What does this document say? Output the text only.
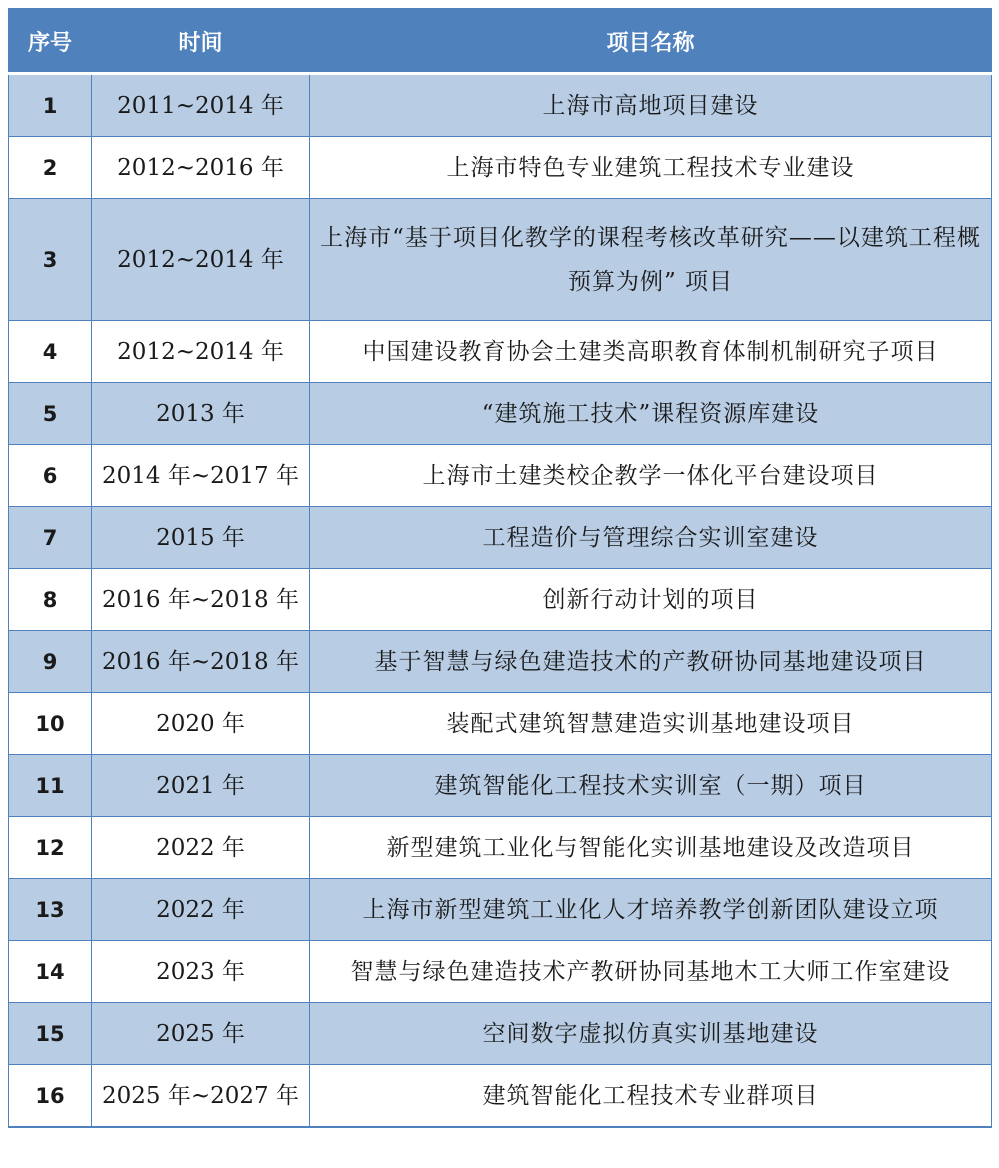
序号	时间	项目名称
1	2011~2014 年	上海市高地项目建设
2	2012~2016 年	上海市特色专业建筑工程技术专业建设
3	2012~2014 年	上海市“基于项目化教学的课程考核改革研究——以建筑工程概预算为例” 项目
4	2012~2014 年	中国建设教育协会土建类高职教育体制机制研究子项目
5	2013 年	“建筑施工技术”课程资源库建设
6	2014 年~2017 年	上海市土建类校企教学一体化平台建设项目
7	2015 年	工程造价与管理综合实训室建设
8	2016 年~2018 年	创新行动计划的项目
9	2016 年~2018 年	基于智慧与绿色建造技术的产教研协同基地建设项目
10	2020 年	装配式建筑智慧建造实训基地建设项目
11	2021 年	建筑智能化工程技术实训室（一期）项目
12	2022 年	新型建筑工业化与智能化实训基地建设及改造项目
13	2022 年	上海市新型建筑工业化人才培养教学创新团队建设立项
14	2023 年	智慧与绿色建造技术产教研协同基地木工大师工作室建设
15	2025 年	空间数字虚拟仿真实训基地建设
16	2025 年~2027 年	建筑智能化工程技术专业群项目
